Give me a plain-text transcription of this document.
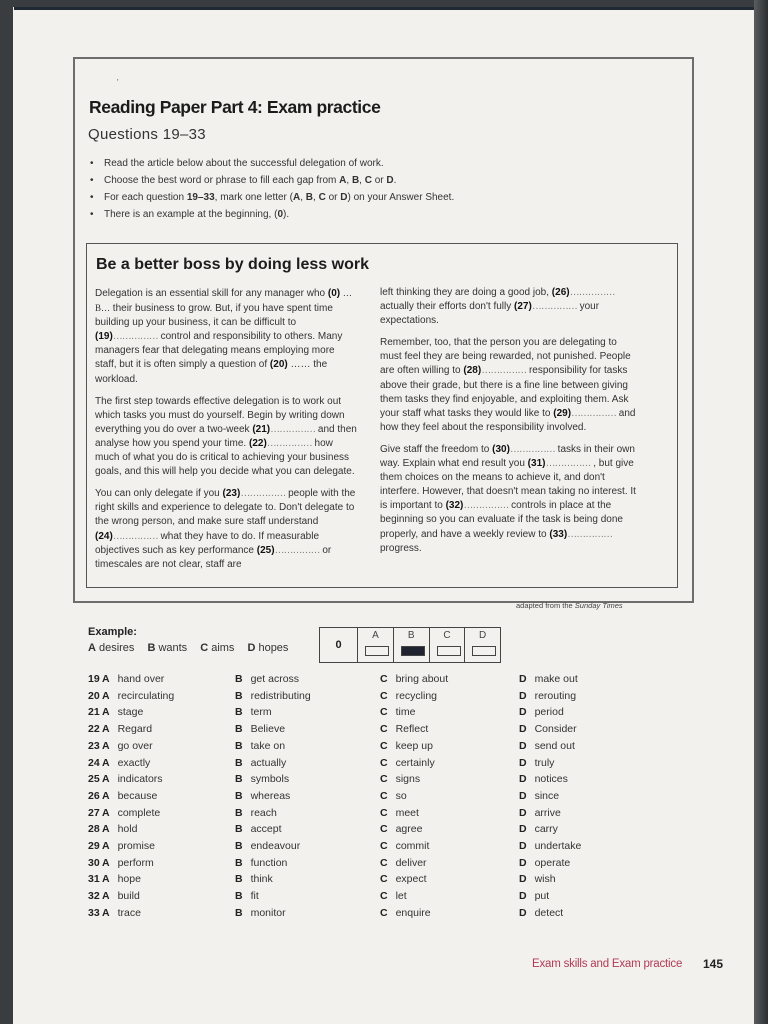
'
Reading Paper Part 4: Exam practice
Questions 19–33
• Read the article below about the successful delegation of work.
• Choose the best word or phrase to fill each gap from A, B, C or D.
• For each question 19–33, mark one letter (A, B, C or D) on your Answer Sheet.
• There is an example at the beginning, (0).
Be a better boss by doing less work

Delegation is an essential skill for any manager who (0) …B… their business to grow. But, if you have spent time building up your business, it can be difficult to (19)…………… control and responsibility to others. Many managers fear that delegating means employing more staff, but it is often simply a question of (20) …… the workload.

The first step towards effective delegation is to work out which tasks you must do yourself. Begin by writing down everything you do over a two-week (21)…………… and then analyse how you spend your time. (22)…………… how much of what you do is critical to achieving your business goals, and this will help you decide what you can delegate.

You can only delegate if you (23)…………… people with the right skills and experience to delegate to. Don't delegate to the wrong person, and make sure staff understand (24)…………… what they have to do. If measurable objectives such as key performance (25)…………… or timescales are not clear, staff are

left thinking they are doing a good job, (26)…………… actually their efforts don't fully (27)…………… your expectations.

Remember, too, that the person you are delegating to must feel they are being rewarded, not punished. People are often willing to (28)…………… responsibility for tasks above their grade, but there is a fine line between giving them tasks they find enjoyable, and exploiting them. Ask your staff what tasks they would like to (29)…………… and how they feel about the responsibility involved.

Give staff the freedom to (30)…………… tasks in their own way. Explain what end result you (31)…………… , but give them choices on the means to achieve it, and don't interfere. However, that doesn't mean taking no interest. It is important to (32)…………… controls in place at the beginning so you can evaluate if the task is being done properly, and have a weekly review to (33)…………… progress.

adapted from the Sunday Times
Example:
A desires B wants C aims D hopes	0
A	B	C	D
19 A hand over	B get across	C bring about	D make out
20 A recirculating	B redistributing	C recycling	D rerouting
21 A stage	B term	C time	D period
22 A Regard	B Believe	C Reflect	D Consider
23 A go over	B take on	C keep up	D send out
24 A exactly	B actually	C certainly	D truly
25 A indicators	B symbols	C signs	D notices
26 A because	B whereas	C so	D since
27 A complete	B reach	C meet	D arrive
28 A hold	B accept	C agree	D carry
29 A promise	B endeavour	C commit	D undertake
30 A perform	B function	C deliver	D operate
31 A hope	B think	C expect	D wish
32 A build	B fit	C let	D put
33 A trace	B monitor	C enquire	D detect
Exam skills and Exam practice 145
